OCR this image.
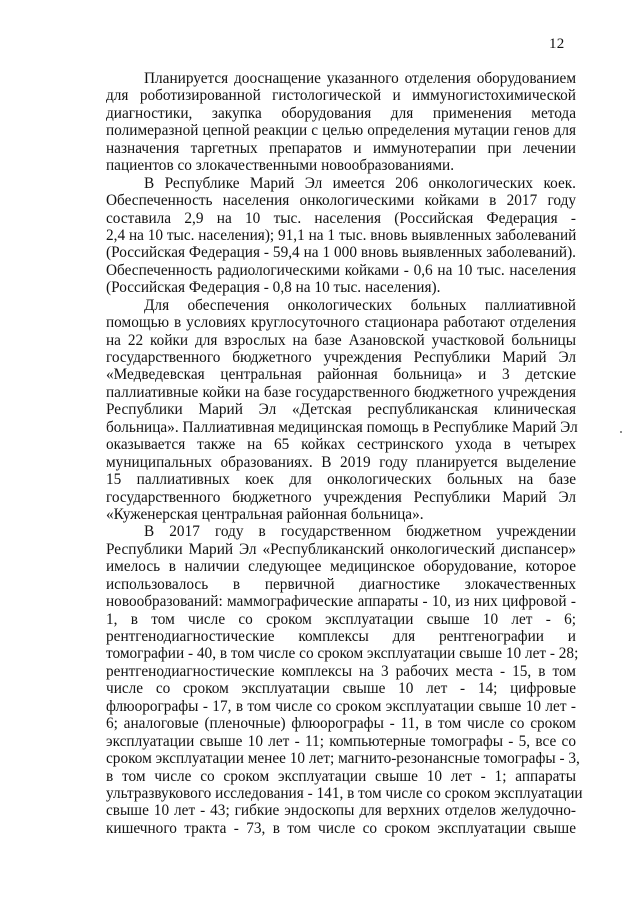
12
Планируется дооснащение указанного отделения оборудованием
для роботизированной гистологической и иммуногистохимической
диагностики, закупка оборудования для применения метода
полимеразной цепной реакции с целью определения мутации генов для
назначения таргетных препаратов и иммунотерапии при лечении
пациентов со злокачественными новообразованиями.
В Республике Марий Эл имеется 206 онкологических коек.
Обеспеченность населения онкологическими койками в 2017 году
составила 2,9 на 10 тыс. населения (Российская Федерация -
2,4 на 10 тыс. населения); 91,1 на 1 тыс. вновь выявленных заболеваний
(Российская Федерация - 59,4 на 1 000 вновь выявленных заболеваний).
Обеспеченность радиологическими койками - 0,6 на 10 тыс. населения
(Российская Федерация - 0,8 на 10 тыс. населения).
Для обеспечения онкологических больных паллиативной
помощью в условиях круглосуточного стационара работают отделения
на 22 койки для взрослых на базе Азановской участковой больницы
государственного бюджетного учреждения Республики Марий Эл
«Медведевская центральная районная больница» и 3 детские
паллиативные койки на базе государственного бюджетного учреждения
Республики Марий Эл «Детская республиканская клиническая
больница». Паллиативная медицинская помощь в Республике Марий Эл
оказывается также на 65 койках сестринского ухода в четырех
муниципальных образованиях. В 2019 году планируется выделение
15 паллиативных коек для онкологических больных на базе
государственного бюджетного учреждения Республики Марий Эл
«Куженерская центральная районная больница».
В 2017 году в государственном бюджетном учреждении
Республики Марий Эл «Республиканский онкологический диспансер»
имелось в наличии следующее медицинское оборудование, которое
использовалось в первичной диагностике злокачественных
новообразований: маммографические аппараты - 10, из них цифровой -
1, в том числе со сроком эксплуатации свыше 10 лет - 6;
рентгенодиагностические комплексы для рентгенографии и
томографии - 40, в том числе со сроком эксплуатации свыше 10 лет - 28;
рентгенодиагностические комплексы на 3 рабочих места - 15, в том
числе со сроком эксплуатации свыше 10 лет - 14; цифровые
флюорографы - 17, в том числе со сроком эксплуатации свыше 10 лет -
6; аналоговые (пленочные) флюорографы - 11, в том числе со сроком
эксплуатации свыше 10 лет - 11; компьютерные томографы - 5, все со
сроком эксплуатации менее 10 лет; магнито-резонансные томографы - 3,
в том числе со сроком эксплуатации свыше 10 лет - 1; аппараты
ультразвукового исследования - 141, в том числе со сроком эксплуатации
свыше 10 лет - 43; гибкие эндоскопы для верхних отделов желудочно-
кишечного тракта - 73, в том числе со сроком эксплуатации свыше
